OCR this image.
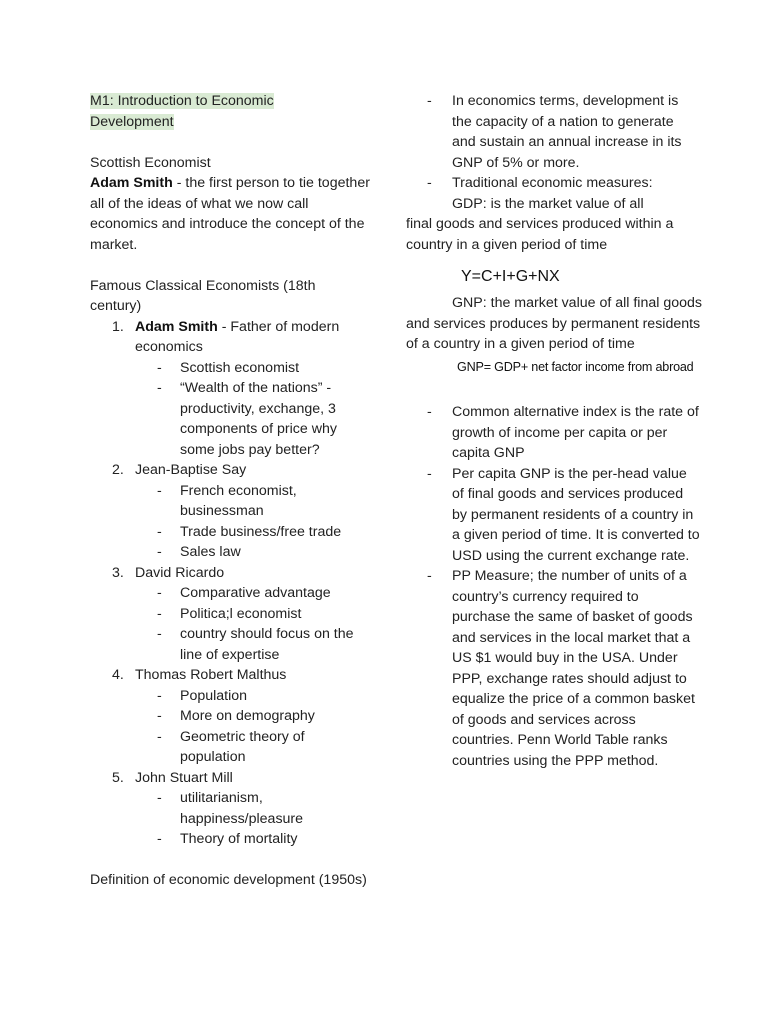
M1: Introduction to Economic
Development

Scottish Economist

Adam Smith - the first person to tie together all of the ideas of what we now call economics and introduce the concept of the market.

Famous Classical Economists (18th century)

1. Adam Smith - Father of modern economics
- Scottish economist
- “Wealth of the nations” - productivity, exchange, 3 components of price why some jobs pay better?
2. Jean-Baptise Say
- French economist, businessman
- Trade business/free trade
- Sales law
3. David Ricardo
- Comparative advantage
- Politica;l economist
- country should focus on the line of expertise
4. Thomas Robert Malthus
- Population
- More on demography
- Geometric theory of population
5. John Stuart Mill
- utilitarianism, happiness/pleasure
- Theory of mortality

Definition of economic development (1950s)

- In economics terms, development is the capacity of a nation to generate and sustain an annual increase in its GNP of 5% or more.
- Traditional economic measures:

GDP: is the market value of all

final goods and services produced within a country in a given period of time

Y=C+I+G+NX

GNP: the market value of all final goods and services produces by permanent residents of a country in a given period of time

GNP= GDP+ net factor income from abroad

- Common alternative index is the rate of growth of income per capita or per capita GNP
- Per capita GNP is the per-head value of final goods and services produced by permanent residents of a country in a given period of time. It is converted to USD using the current exchange rate.
- PP Measure; the number of units of a country’s currency required to purchase the same of basket of goods and services in the local market that a US $1 would buy in the USA. Under PPP, exchange rates should adjust to equalize the price of a common basket of goods and services across countries. Penn World Table ranks countries using the PPP method.
